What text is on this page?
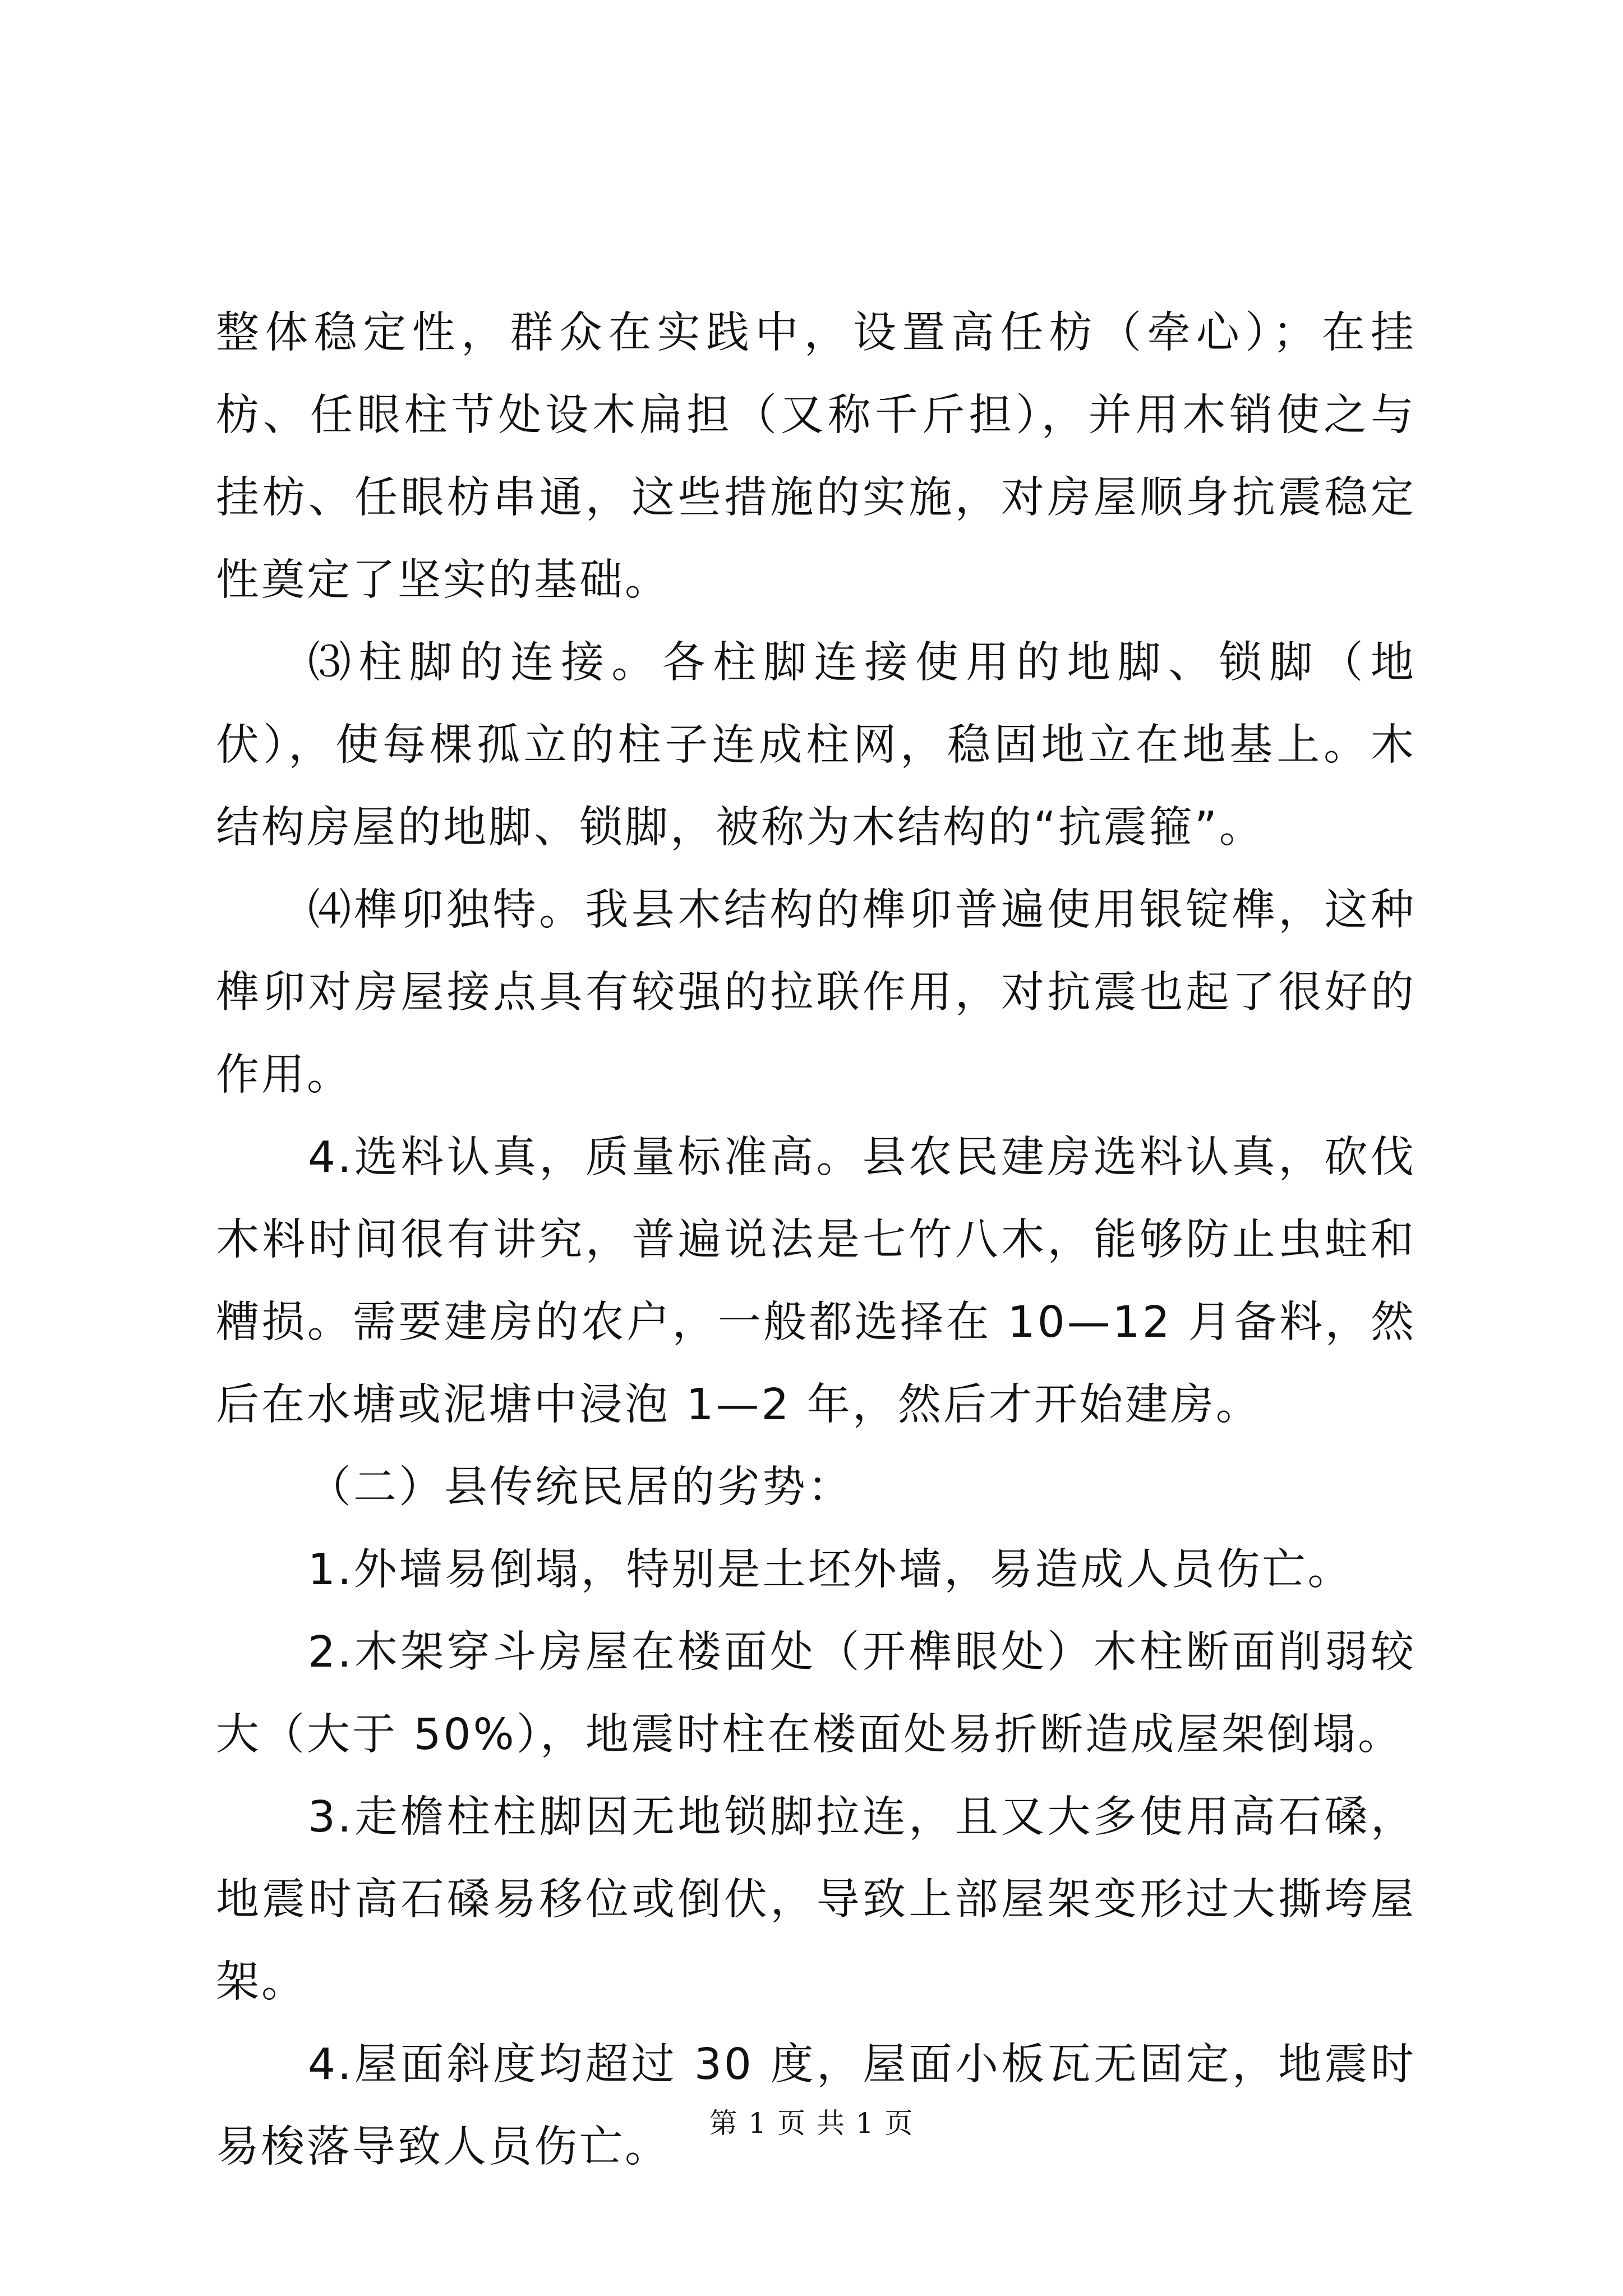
整体稳定性，群众在实践中，设置高任枋（牵心）；在挂枋、任眼柱节处设木扁担（又称千斤担），并用木销使之与挂枋、任眼枋串通，这些措施的实施，对房屋顺身抗震稳定性奠定了坚实的基础。

⑶柱脚的连接。各柱脚连接使用的地脚、锁脚（地伏），使每棵孤立的柱子连成柱网，稳固地立在地基上。木结构房屋的地脚、锁脚，被称为木结构的“抗震箍”。

⑷榫卯独特。我县木结构的榫卯普遍使用银锭榫，这种榫卯对房屋接点具有较强的拉联作用，对抗震也起了很好的作用。

4.选料认真，质量标准高。县农民建房选料认真，砍伐木料时间很有讲究，普遍说法是七竹八木，能够防止虫蛀和糟损。需要建房的农户，一般都选择在 10—12 月备料，然后在水塘或泥塘中浸泡 1—2 年，然后才开始建房。

（二）县传统民居的劣势：

1.外墙易倒塌，特别是土坯外墙，易造成人员伤亡。

2.木架穿斗房屋在楼面处（开榫眼处）木柱断面削弱较大（大于 50%），地震时柱在楼面处易折断造成屋架倒塌。

3.走檐柱柱脚因无地锁脚拉连，且又大多使用高石磉，地震时高石磉易移位或倒伏，导致上部屋架变形过大撕垮屋架。

4.屋面斜度均超过 30 度，屋面小板瓦无固定，地震时易梭落导致人员伤亡。	第 1 页 共 1 页
